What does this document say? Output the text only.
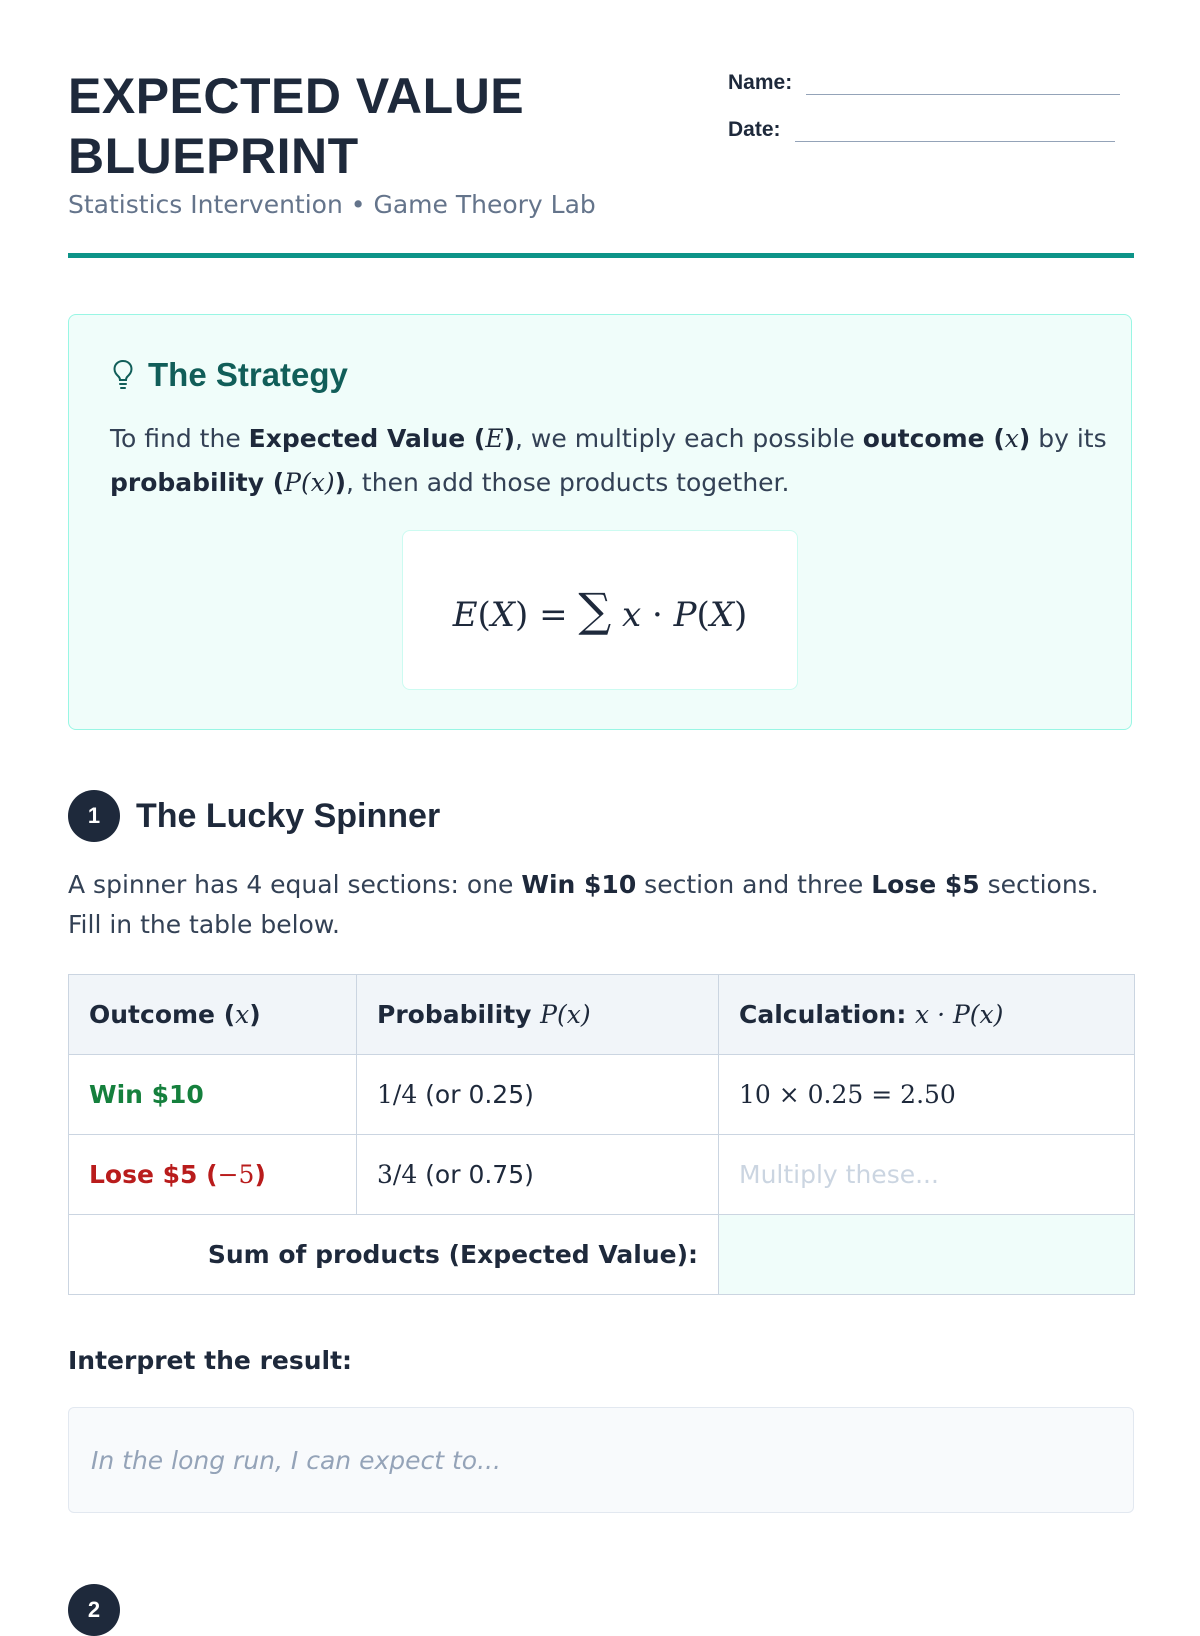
EXPECTED VALUE BLUEPRINT
Statistics Intervention • Game Theory Lab
Name:
Date:
The Strategy
To find the Expected Value (E), we multiply each possible outcome (x) by its probability (P(x)), then add those products together.
E(X) = ∑ x · P(X)
1	The Lucky Spinner
A spinner has 4 equal sections: one Win $10 section and three Lose $5 sections. Fill in the table below.
Outcome (x)	Probability P(x)	Calculation: x · P(x)
Win $10	1/4 (or 0.25)	10 × 0.25 = 2.50
Lose $5 (−5)	3/4 (or 0.75)	Multiply these...
Sum of products (Expected Value):		
Interpret the result:
In the long run, I can expect to...
2
